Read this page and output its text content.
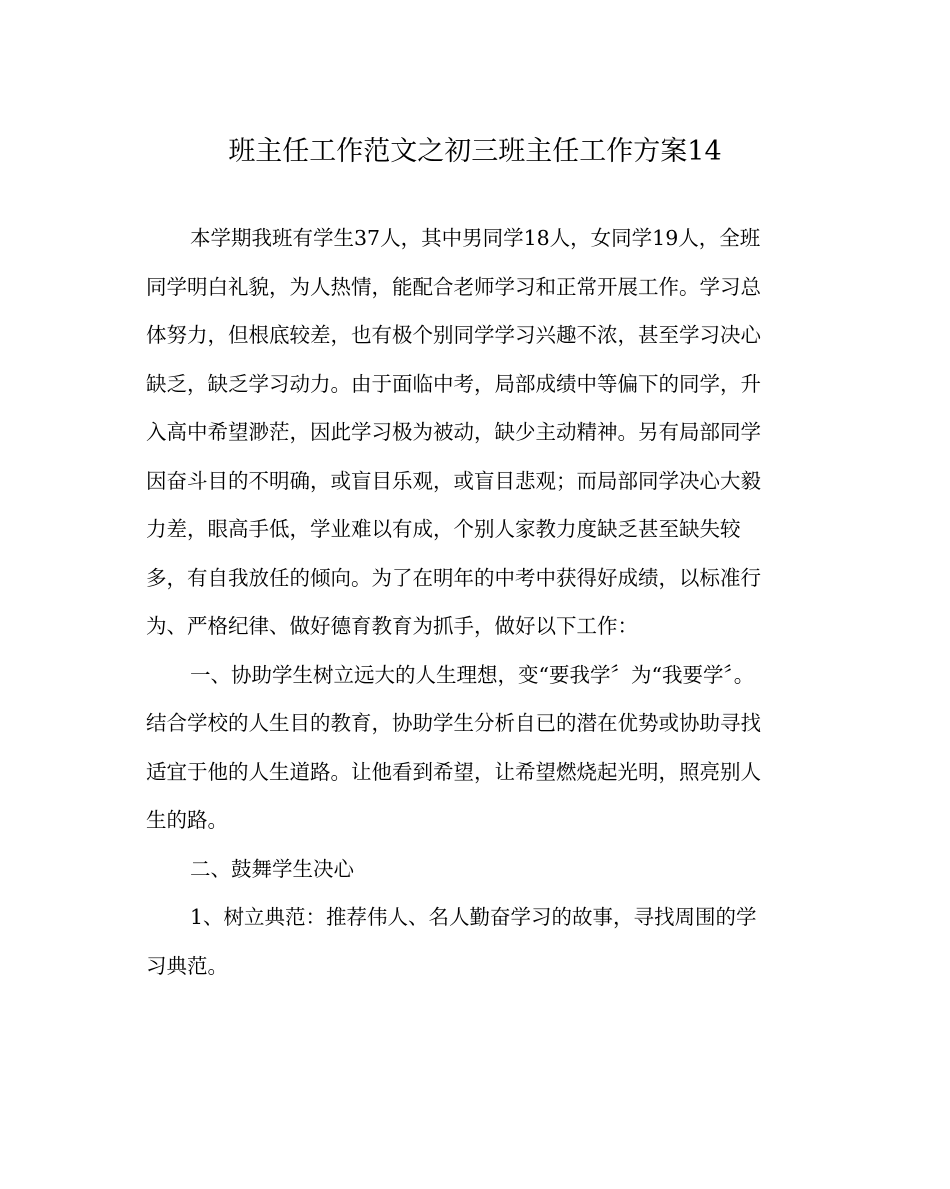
班主任工作范文之初三班主任工作方案14
本学期我班有学生37人，其中男同学18人，女同学19人，全班
同学明白礼貌，为人热情，能配合老师学习和正常开展工作。学习总
体努力，但根底较差，也有极个别同学学习兴趣不浓，甚至学习决心
缺乏，缺乏学习动力。由于面临中考，局部成绩中等偏下的同学，升
入高中希望渺茫，因此学习极为被动，缺少主动精神。另有局部同学
因奋斗目的不明确，或盲目乐观，或盲目悲观；而局部同学决心大毅
力差，眼高手低，学业难以有成，个别人家教力度缺乏甚至缺失较
多，有自我放任的倾向。为了在明年的中考中获得好成绩，以标准行
为、严格纪律、做好德育教育为抓手，做好以下工作：
一、协助学生树立远大的人生理想，变“要我学〞为“我要学〞。
结合学校的人生目的教育，协助学生分析自已的潜在优势或协助寻找
适宜于他的人生道路。让他看到希望，让希望燃烧起光明，照亮别人
生的路。
二、鼓舞学生决心
1、树立典范：推荐伟人、名人勤奋学习的故事，寻找周围的学
习典范。
